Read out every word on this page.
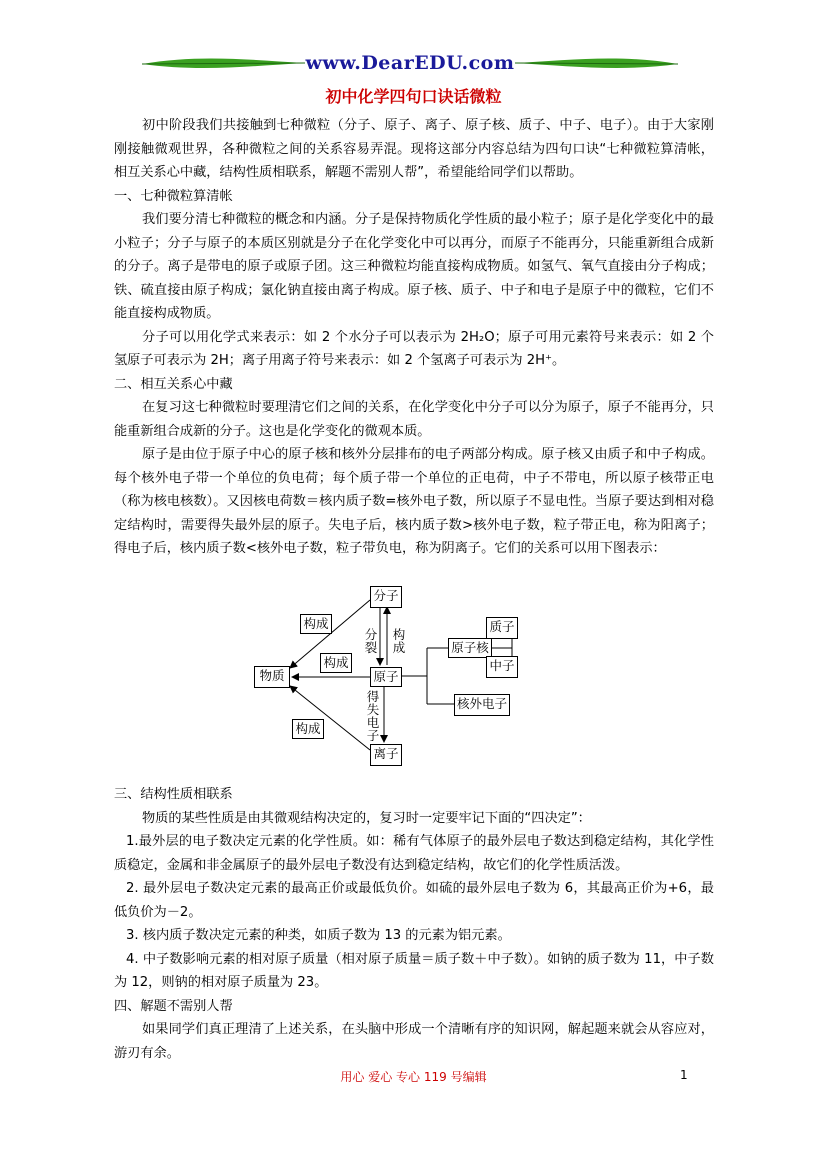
www.DearEDU.com
初中化学四句口诀话微粒

初中阶段我们共接触到七种微粒（分子、原子、离子、原子核、质子、中子、电子）。由于大家刚刚接触微观世界，各种微粒之间的关系容易弄混。现将这部分内容总结为四句口诀“七种微粒算清帐，相互关系心中藏，结构性质相联系，解题不需别人帮”，希望能给同学们以帮助。

一、七种微粒算清帐

我们要分清七种微粒的概念和内涵。分子是保持物质化学性质的最小粒子；原子是化学变化中的最小粒子；分子与原子的本质区别就是分子在化学变化中可以再分，而原子不能再分，只能重新组合成新的分子。离子是带电的原子或原子团。这三种微粒均能直接构成物质。如氢气、氧气直接由分子构成；铁、硫直接由原子构成；氯化钠直接由离子构成。原子核、质子、中子和电子是原子中的微粒，它们不能直接构成物质。

分子可以用化学式来表示：如 2 个水分子可以表示为 2H₂O；原子可用元素符号来表示：如 2 个氢原子可表示为 2H；离子用离子符号来表示：如 2 个氢离子可表示为 2H⁺。

二、相互关系心中藏

在复习这七种微粒时要理清它们之间的关系，在化学变化中分子可以分为原子，原子不能再分，只能重新组合成新的分子。这也是化学变化的微观本质。

原子是由位于原子中心的原子核和核外分层排布的电子两部分构成。原子核又由质子和中子构成。每个核外电子带一个单位的负电荷；每个质子带一个单位的正电荷，中子不带电，所以原子核带正电（称为核电核数）。又因核电荷数＝核内质子数=核外电子数，所以原子不显电性。当原子要达到相对稳定结构时，需要得失最外层的原子。失电子后，核内质子数>核外电子数，粒子带正电，称为阳离子；得电子后，核内质子数<核外电子数，粒子带负电，称为阴离子。它们的关系可以用下图表示：

分子
原子
离子
物质
原子核
核外电子
质子
中子
构成
构成
构成
分裂
构成
得失电子

三、结构性质相联系

物质的某些性质是由其微观结构决定的，复习时一定要牢记下面的“四决定”：

1.最外层的电子数决定元素的化学性质。如：稀有气体原子的最外层电子数达到稳定结构，其化学性质稳定，金属和非金属原子的最外层电子数没有达到稳定结构，故它们的化学性质活泼。

2. 最外层电子数决定元素的最高正价或最低负价。如硫的最外层电子数为 6，其最高正价为+6，最低负价为－2。

3. 核内质子数决定元素的种类，如质子数为 13 的元素为铝元素。

4. 中子数影响元素的相对原子质量（相对原子质量＝质子数＋中子数）。如钠的质子数为 11，中子数为 12，则钠的相对原子质量为 23。

四、解题不需别人帮

如果同学们真正理清了上述关系，在头脑中形成一个清晰有序的知识网，解起题来就会从容应对，游刃有余。

用心 爱心 专心 119 号编辑	1
